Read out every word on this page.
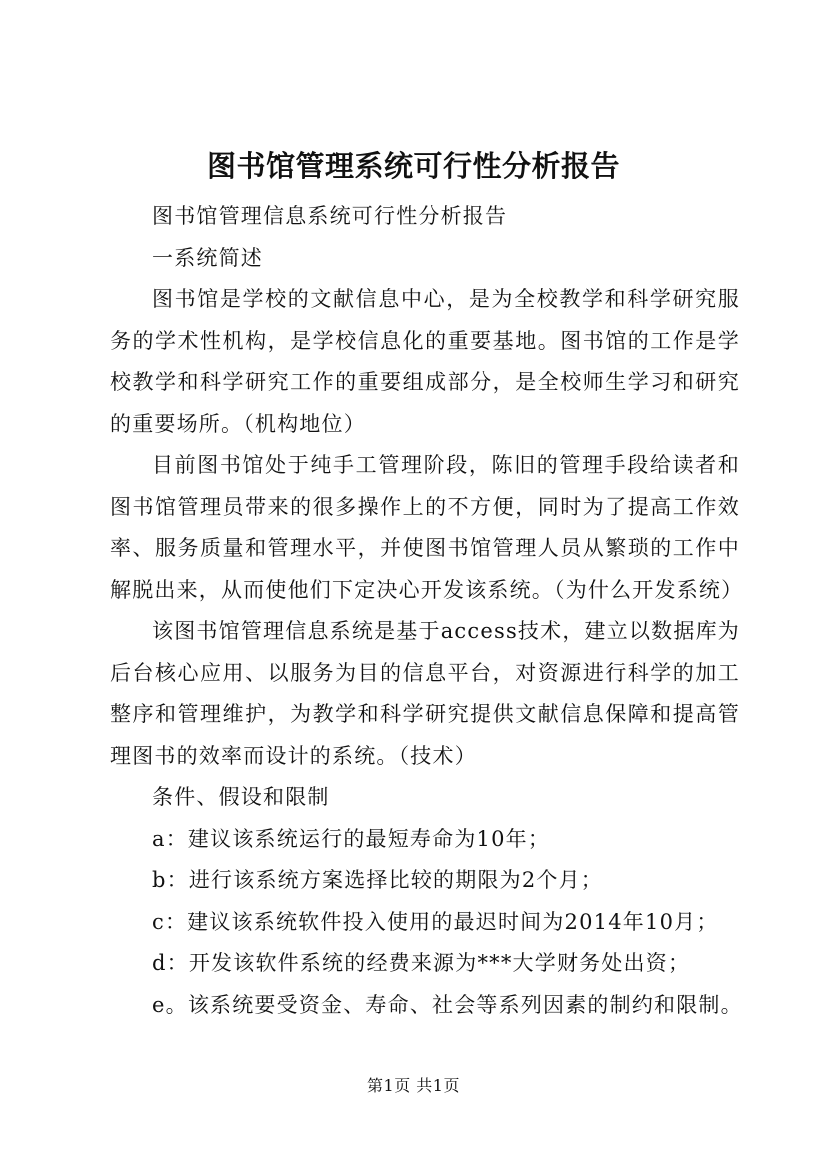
图书馆管理系统可行性分析报告

图书馆管理信息系统可行性分析报告

一系统简述

图书馆是学校的文献信息中心，是为全校教学和科学研究服务的学术性机构，是学校信息化的重要基地。图书馆的工作是学校教学和科学研究工作的重要组成部分，是全校师生学习和研究的重要场所。（机构地位）

目前图书馆处于纯手工管理阶段，陈旧的管理手段给读者和图书馆管理员带来的很多操作上的不方便，同时为了提高工作效率、服务质量和管理水平，并使图书馆管理人员从繁琐的工作中解脱出来，从而使他们下定决心开发该系统。（为什么开发系统）

该图书馆管理信息系统是基于access技术，建立以数据库为后台核心应用、以服务为目的信息平台，对资源进行科学的加工整序和管理维护，为教学和科学研究提供文献信息保障和提高管理图书的效率而设计的系统。（技术）

条件、假设和限制

a：建议该系统运行的最短寿命为10年；

b：进行该系统方案选择比较的期限为2个月；

c：建议该系统软件投入使用的最迟时间为2014年10月；

d：开发该软件系统的经费来源为***大学财务处出资；

e。该系统要受资金、寿命、社会等系列因素的制约和限制。

第1页 共1页
